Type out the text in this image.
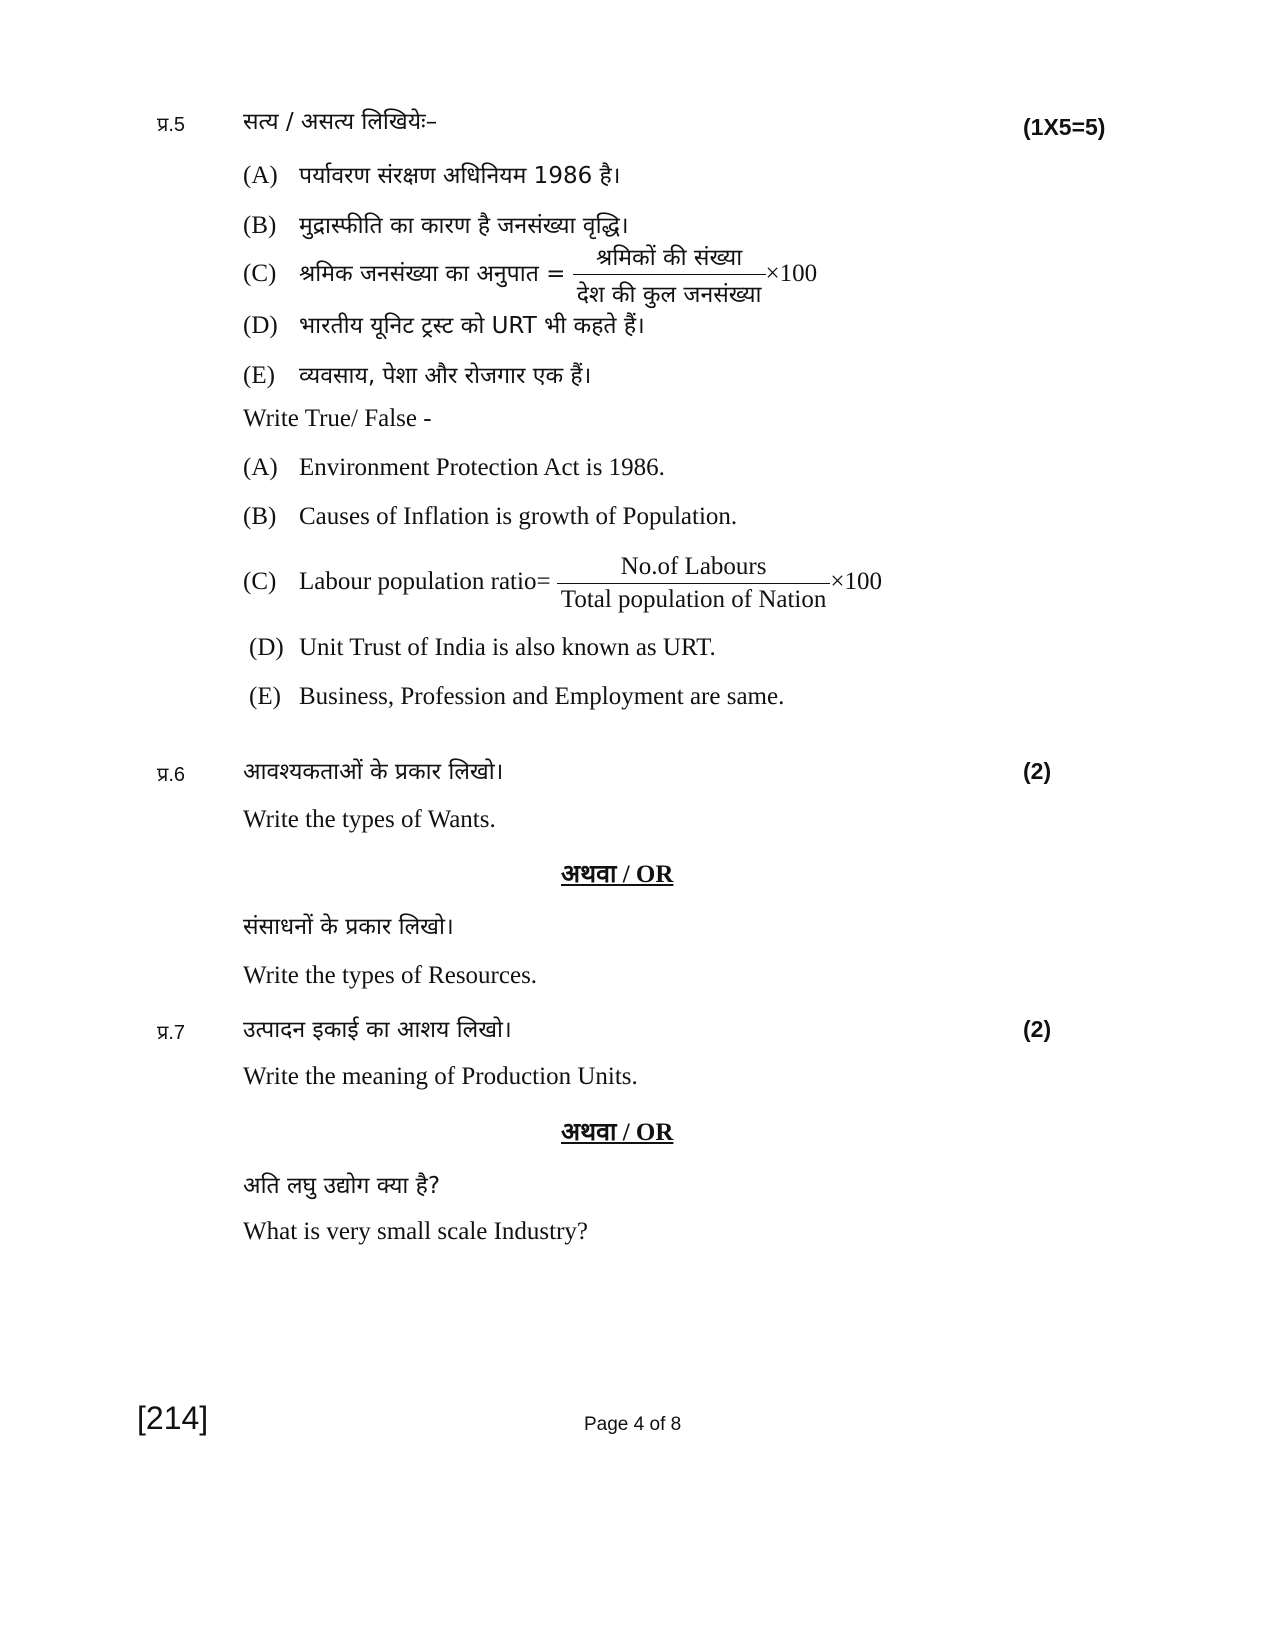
प्र.5	सत्य / असत्य लिखियेः–	(1X5=5)
(A) पर्यावरण संरक्षण अधिनियम 1986 है।
(B) मुद्रास्फीति का कारण है जनसंख्या वृद्धि।
(C) श्रमिक जनसंख्या का अनुपात = $\frac{\text{श्रमिकों की संख्या}}{\text{देश की कुल जनसंख्या}} \times 100$
(D) भारतीय यूनिट ट्रस्ट को URT भी कहते हैं।
(E) व्यवसाय, पेशा और रोजगार एक हैं।
Write True/ False -
(A) Environment Protection Act is 1986.
(B) Causes of Inflation is growth of Population.
(C) Labour population ratio= $\frac{\text{No.of Labours}}{\text{Total population of Nation}} \times 100$
(D) Unit Trust of India is also known as URT.
(E) Business, Profession and Employment are same.
प्र.6	आवश्यकताओं के प्रकार लिखो।	(2)
Write the types of Wants.
अथवा / OR
संसाधनों के प्रकार लिखो।
Write the types of Resources.
प्र.7	उत्पादन इकाई का आशय लिखो।	(2)
Write the meaning of Production Units.
अथवा / OR
अति लघु उद्योग क्या है?
What is very small scale Industry?
[214]	Page 4 of 8
